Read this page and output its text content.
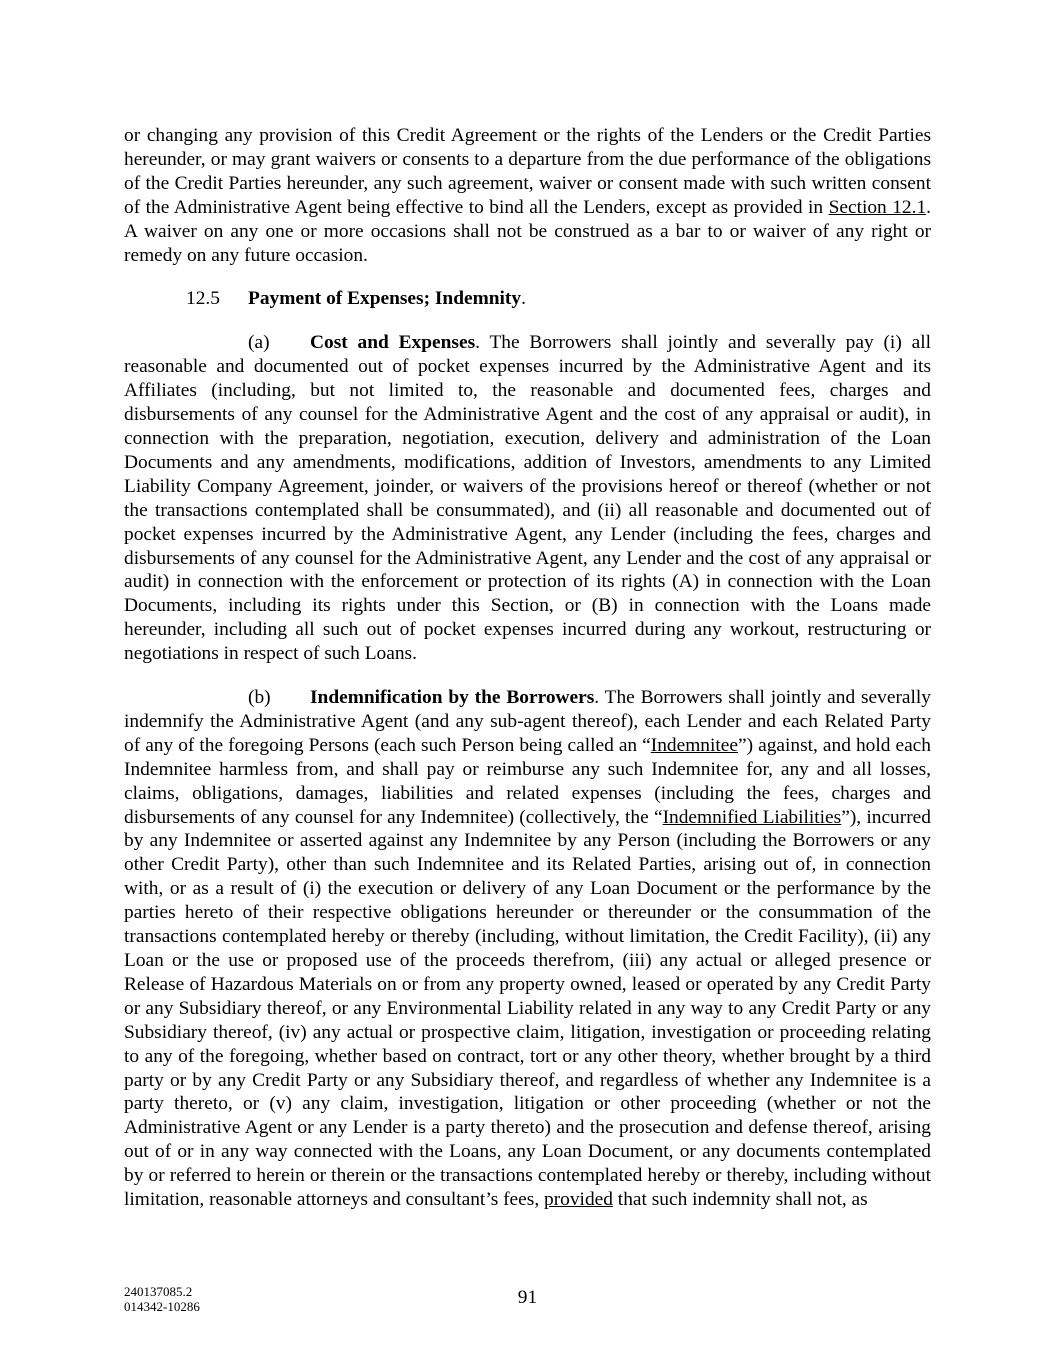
or changing any provision of this Credit Agreement or the rights of the Lenders or the Credit Parties hereunder, or may grant waivers or consents to a departure from the due performance of the obligations of the Credit Parties hereunder, any such agreement, waiver or consent made with such written consent of the Administrative Agent being effective to bind all the Lenders, except as provided in Section 12.1. A waiver on any one or more occasions shall not be construed as a bar to or waiver of any right or remedy on any future occasion.

12.5 Payment of Expenses; Indemnity.

(a) Cost and Expenses. The Borrowers shall jointly and severally pay (i) all reasonable and documented out of pocket expenses incurred by the Administrative Agent and its Affiliates (including, but not limited to, the reasonable and documented fees, charges and disbursements of any counsel for the Administrative Agent and the cost of any appraisal or audit), in connection with the preparation, negotiation, execution, delivery and administration of the Loan Documents and any amendments, modifications, addition of Investors, amendments to any Limited Liability Company Agreement, joinder, or waivers of the provisions hereof or thereof (whether or not the transactions contemplated shall be consummated), and (ii) all reasonable and documented out of pocket expenses incurred by the Administrative Agent, any Lender (including the fees, charges and disbursements of any counsel for the Administrative Agent, any Lender and the cost of any appraisal or audit) in connection with the enforcement or protection of its rights (A) in connection with the Loan Documents, including its rights under this Section, or (B) in connection with the Loans made hereunder, including all such out of pocket expenses incurred during any workout, restructuring or negotiations in respect of such Loans.

(b) Indemnification by the Borrowers. The Borrowers shall jointly and severally indemnify the Administrative Agent (and any sub-agent thereof), each Lender and each Related Party of any of the foregoing Persons (each such Person being called an “Indemnitee”) against, and hold each Indemnitee harmless from, and shall pay or reimburse any such Indemnitee for, any and all losses, claims, obligations, damages, liabilities and related expenses (including the fees, charges and disbursements of any counsel for any Indemnitee) (collectively, the “Indemnified Liabilities”), incurred by any Indemnitee or asserted against any Indemnitee by any Person (including the Borrowers or any other Credit Party), other than such Indemnitee and its Related Parties, arising out of, in connection with, or as a result of (i) the execution or delivery of any Loan Document or the performance by the parties hereto of their respective obligations hereunder or thereunder or the consummation of the transactions contemplated hereby or thereby (including, without limitation, the Credit Facility), (ii) any Loan or the use or proposed use of the proceeds therefrom, (iii) any actual or alleged presence or Release of Hazardous Materials on or from any property owned, leased or operated by any Credit Party or any Subsidiary thereof, or any Environmental Liability related in any way to any Credit Party or any Subsidiary thereof, (iv) any actual or prospective claim, litigation, investigation or proceeding relating to any of the foregoing, whether based on contract, tort or any other theory, whether brought by a third party or by any Credit Party or any Subsidiary thereof, and regardless of whether any Indemnitee is a party thereto, or (v) any claim, investigation, litigation or other proceeding (whether or not the Administrative Agent or any Lender is a party thereto) and the prosecution and defense thereof, arising out of or in any way connected with the Loans, any Loan Document, or any documents contemplated by or referred to herein or therein or the transactions contemplated hereby or thereby, including without limitation, reasonable attorneys and consultant’s fees, provided that such indemnity shall not, as

240137085.2
014342-10286	91
